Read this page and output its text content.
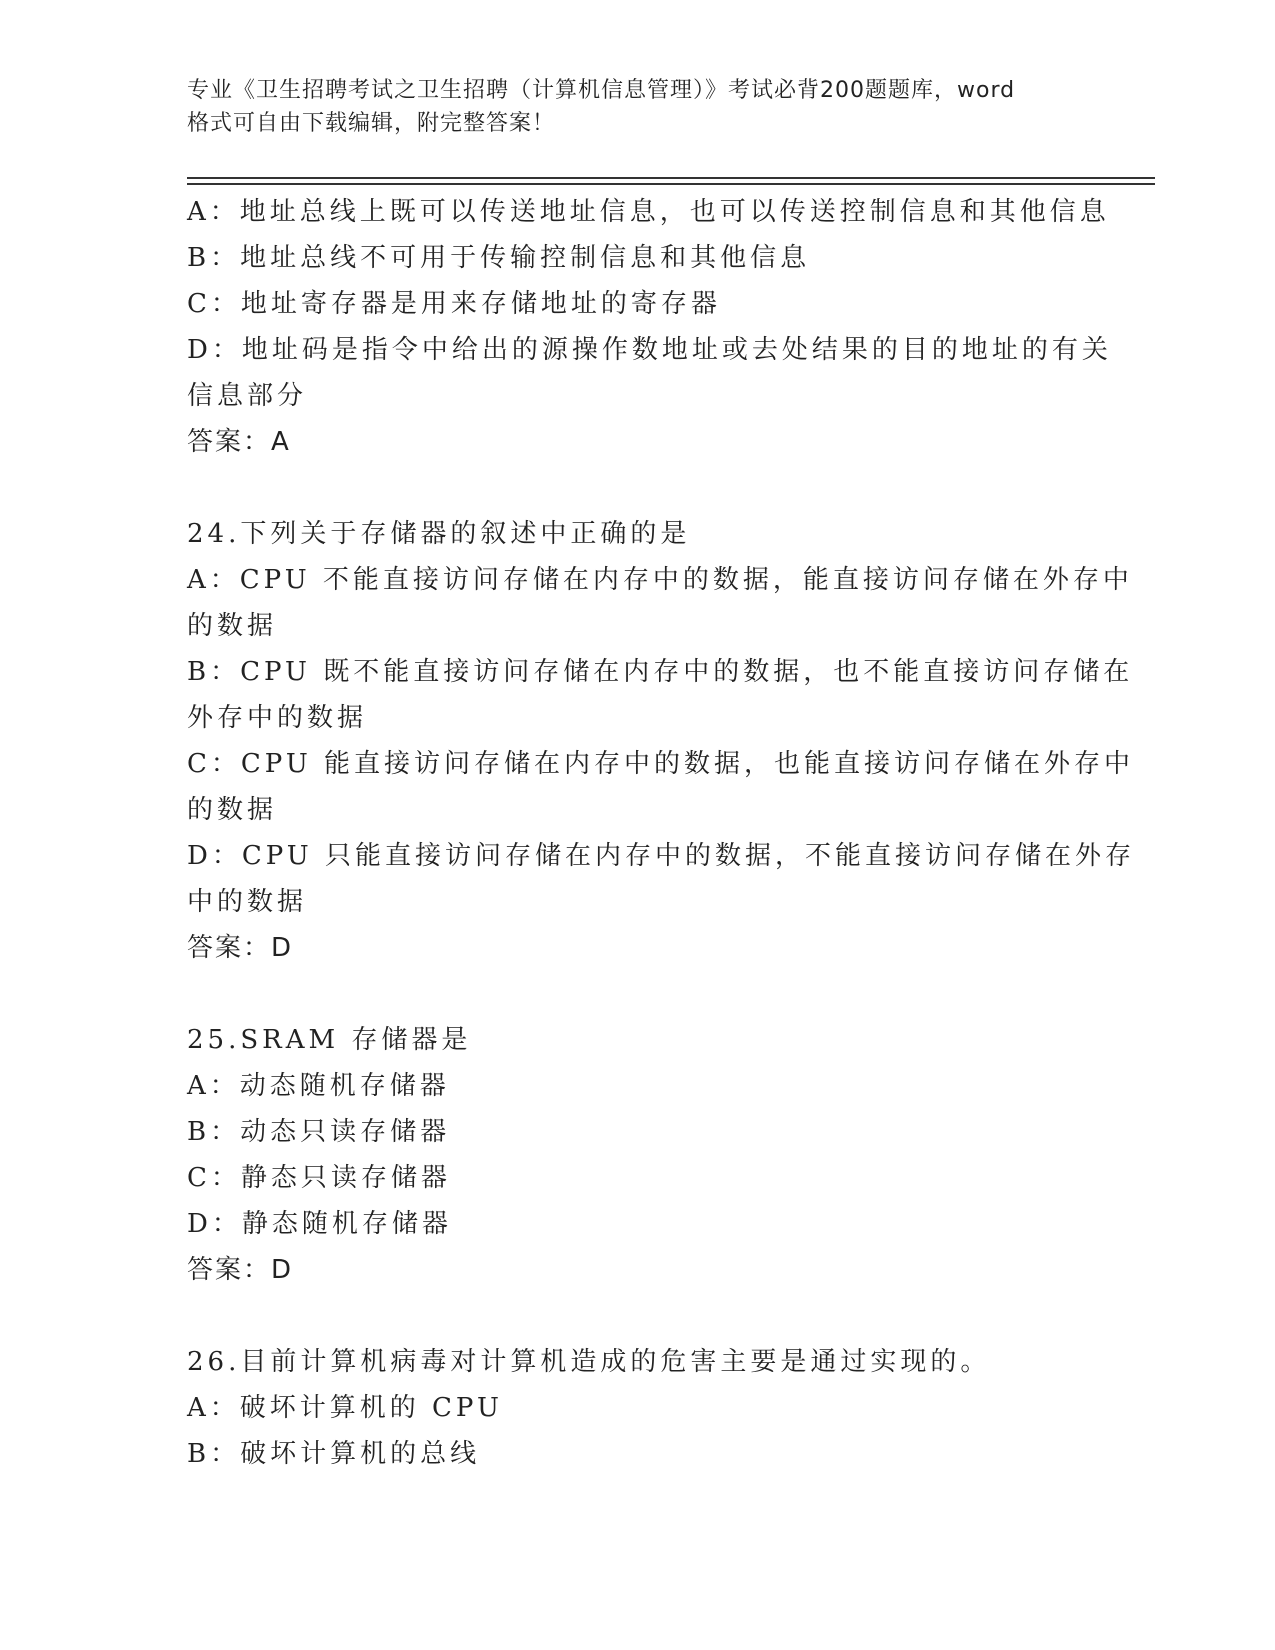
专业《卫生招聘考试之卫生招聘（计算机信息管理）》考试必背200题题库，word
格式可自由下载编辑，附完整答案！
A：地址总线上既可以传送地址信息，也可以传送控制信息和其他信息
B：地址总线不可用于传输控制信息和其他信息
C：地址寄存器是用来存储地址的寄存器
D：地址码是指令中给出的源操作数地址或去处结果的目的地址的有关
信息部分
答案：A
24.下列关于存储器的叙述中正确的是
A：CPU 不能直接访问存储在内存中的数据，能直接访问存储在外存中
的数据
B：CPU 既不能直接访问存储在内存中的数据，也不能直接访问存储在
外存中的数据
C：CPU 能直接访问存储在内存中的数据，也能直接访问存储在外存中
的数据
D：CPU 只能直接访问存储在内存中的数据，不能直接访问存储在外存
中的数据
答案：D
25.SRAM 存储器是
A：动态随机存储器
B：动态只读存储器
C：静态只读存储器
D：静态随机存储器
答案：D
26.目前计算机病毒对计算机造成的危害主要是通过实现的。
A：破坏计算机的 CPU
B：破坏计算机的总线
